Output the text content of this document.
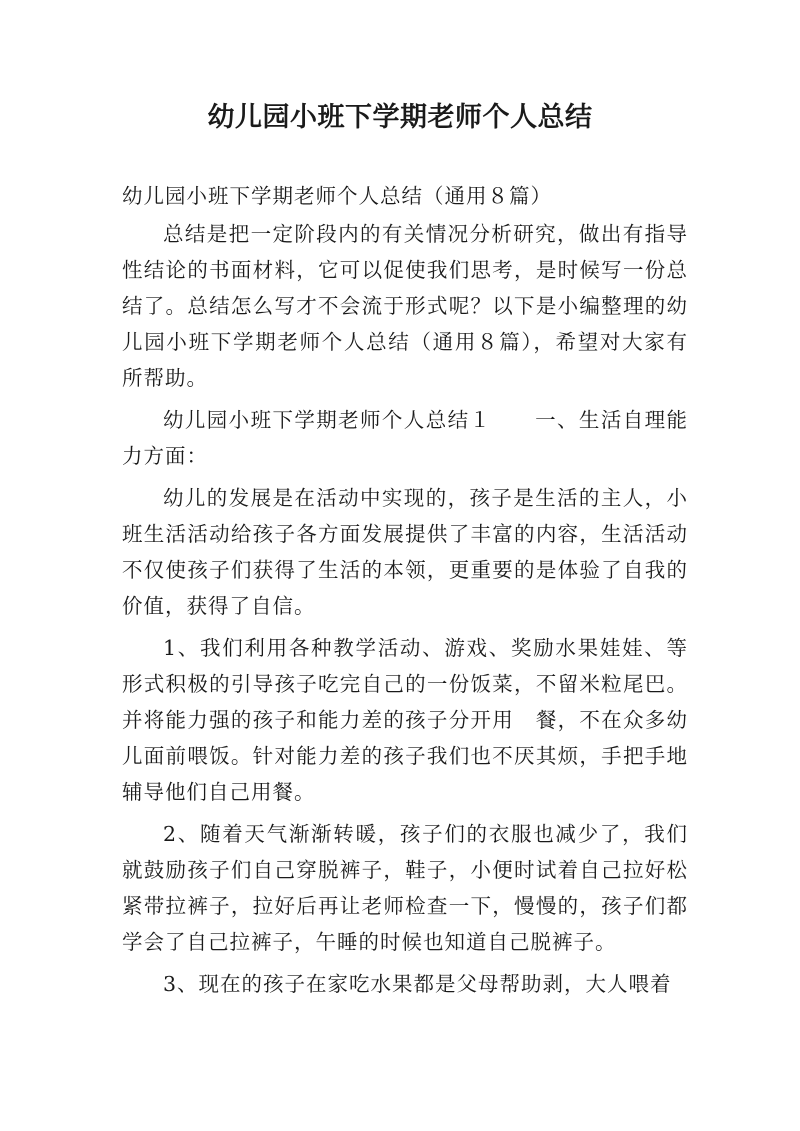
幼儿园小班下学期老师个人总结

幼儿园小班下学期老师个人总结（通用８篇）

总结是把一定阶段内的有关情况分析研究，做出有指导性结论的书面材料，它可以促使我们思考，是时候写一份总结了。总结怎么写才不会流于形式呢？以下是小编整理的幼儿园小班下学期老师个人总结（通用８篇），希望对大家有所帮助。

幼儿园小班下学期老师个人总结１　　一、生活自理能力方面：

幼儿的发展是在活动中实现的，孩子是生活的主人，小班生活活动给孩子各方面发展提供了丰富的内容，生活活动不仅使孩子们获得了生活的本领，更重要的是体验了自我的价值，获得了自信。

1、我们利用各种教学活动、游戏、奖励水果娃娃、等形式积极的引导孩子吃完自己的一份饭菜，不留米粒尾巴。并将能力强的孩子和能力差的孩子分开用　餐，不在众多幼儿面前喂饭。针对能力差的孩子我们也不厌其烦，手把手地辅导他们自己用餐。

2、随着天气渐渐转暖，孩子们的衣服也减少了，我们就鼓励孩子们自己穿脱裤子，鞋子，小便时试着自己拉好松紧带拉裤子，拉好后再让老师检查一下，慢慢的，孩子们都学会了自己拉裤子，午睡的时候也知道自己脱裤子。

3、现在的孩子在家吃水果都是父母帮助剥，大人喂着
